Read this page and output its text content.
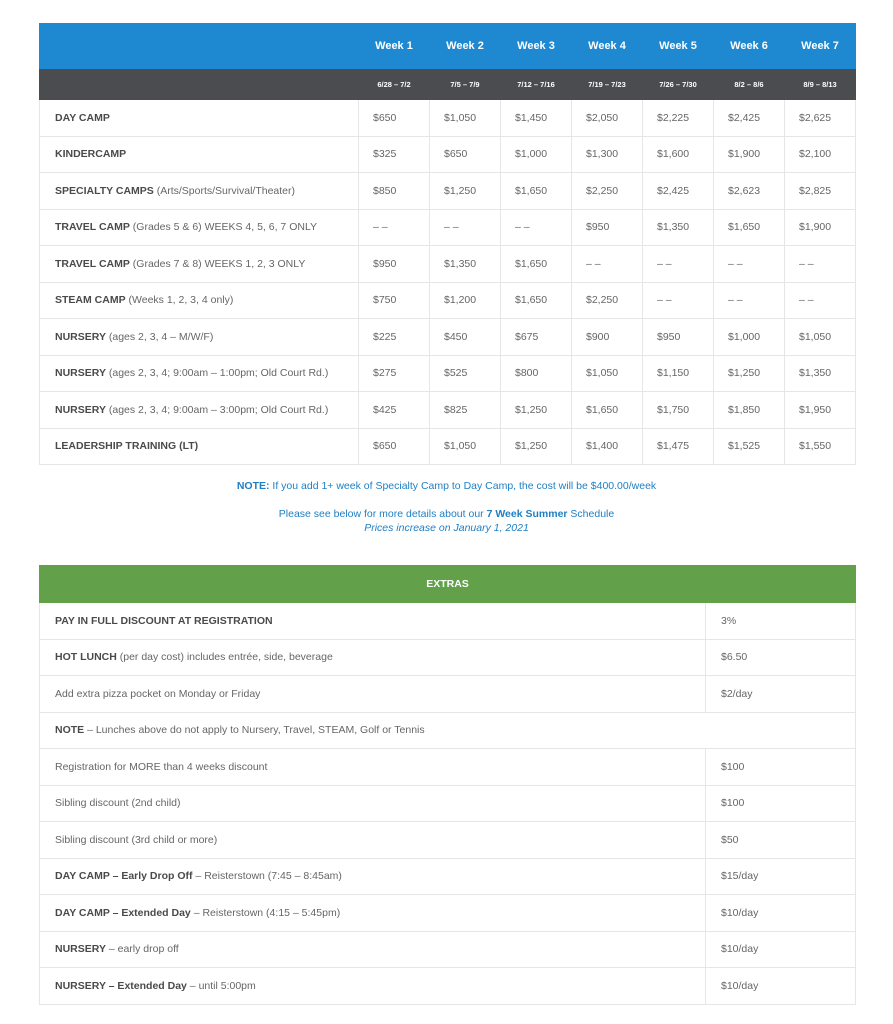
	Week 1	Week 2	Week 3	Week 4	Week 5	Week 6	Week 7
	6/28 – 7/2	7/5 – 7/9	7/12 – 7/16	7/19 – 7/23	7/26 – 7/30	8/2 – 8/6	8/9 – 8/13
DAY CAMP	$650	$1,050	$1,450	$2,050	$2,225	$2,425	$2,625
KINDERCAMP	$325	$650	$1,000	$1,300	$1,600	$1,900	$2,100
SPECIALTY CAMPS (Arts/Sports/Survival/Theater)	$850	$1,250	$1,650	$2,250	$2,425	$2,623	$2,825
TRAVEL CAMP (Grades 5 & 6) WEEKS 4, 5, 6, 7 ONLY	– –	– –	– –	$950	$1,350	$1,650	$1,900
TRAVEL CAMP (Grades 7 & 8) WEEKS 1, 2, 3 ONLY	$950	$1,350	$1,650	– –	– –	– –	– –
STEAM CAMP (Weeks 1, 2, 3, 4 only)	$750	$1,200	$1,650	$2,250	– –	– –	– –
NURSERY (ages 2, 3, 4 – M/W/F)	$225	$450	$675	$900	$950	$1,000	$1,050
NURSERY (ages 2, 3, 4; 9:00am – 1:00pm; Old Court Rd.)	$275	$525	$800	$1,050	$1,150	$1,250	$1,350
NURSERY (ages 2, 3, 4; 9:00am – 3:00pm; Old Court Rd.)	$425	$825	$1,250	$1,650	$1,750	$1,850	$1,950
LEADERSHIP TRAINING (LT)	$650	$1,050	$1,250	$1,400	$1,475	$1,525	$1,550
NOTE: If you add 1+ week of Specialty Camp to Day Camp, the cost will be $400.00/week
Please see below for more details about our 7 Week Summer Schedule
Prices increase on January 1, 2021
EXTRAS	
PAY IN FULL DISCOUNT AT REGISTRATION	3%
HOT LUNCH (per day cost) includes entrée, side, beverage	$6.50
Add extra pizza pocket on Monday or Friday	$2/day
NOTE – Lunches above do not apply to Nursery, Travel, STEAM, Golf or Tennis	
Registration for MORE than 4 weeks discount	$100
Sibling discount (2nd child)	$100
Sibling discount (3rd child or more)	$50
DAY CAMP – Early Drop Off – Reisterstown (7:45 – 8:45am)	$15/day
DAY CAMP – Extended Day – Reisterstown (4:15 – 5:45pm)	$10/day
NURSERY – early drop off	$10/day
NURSERY – Extended Day – until 5:00pm	$10/day
